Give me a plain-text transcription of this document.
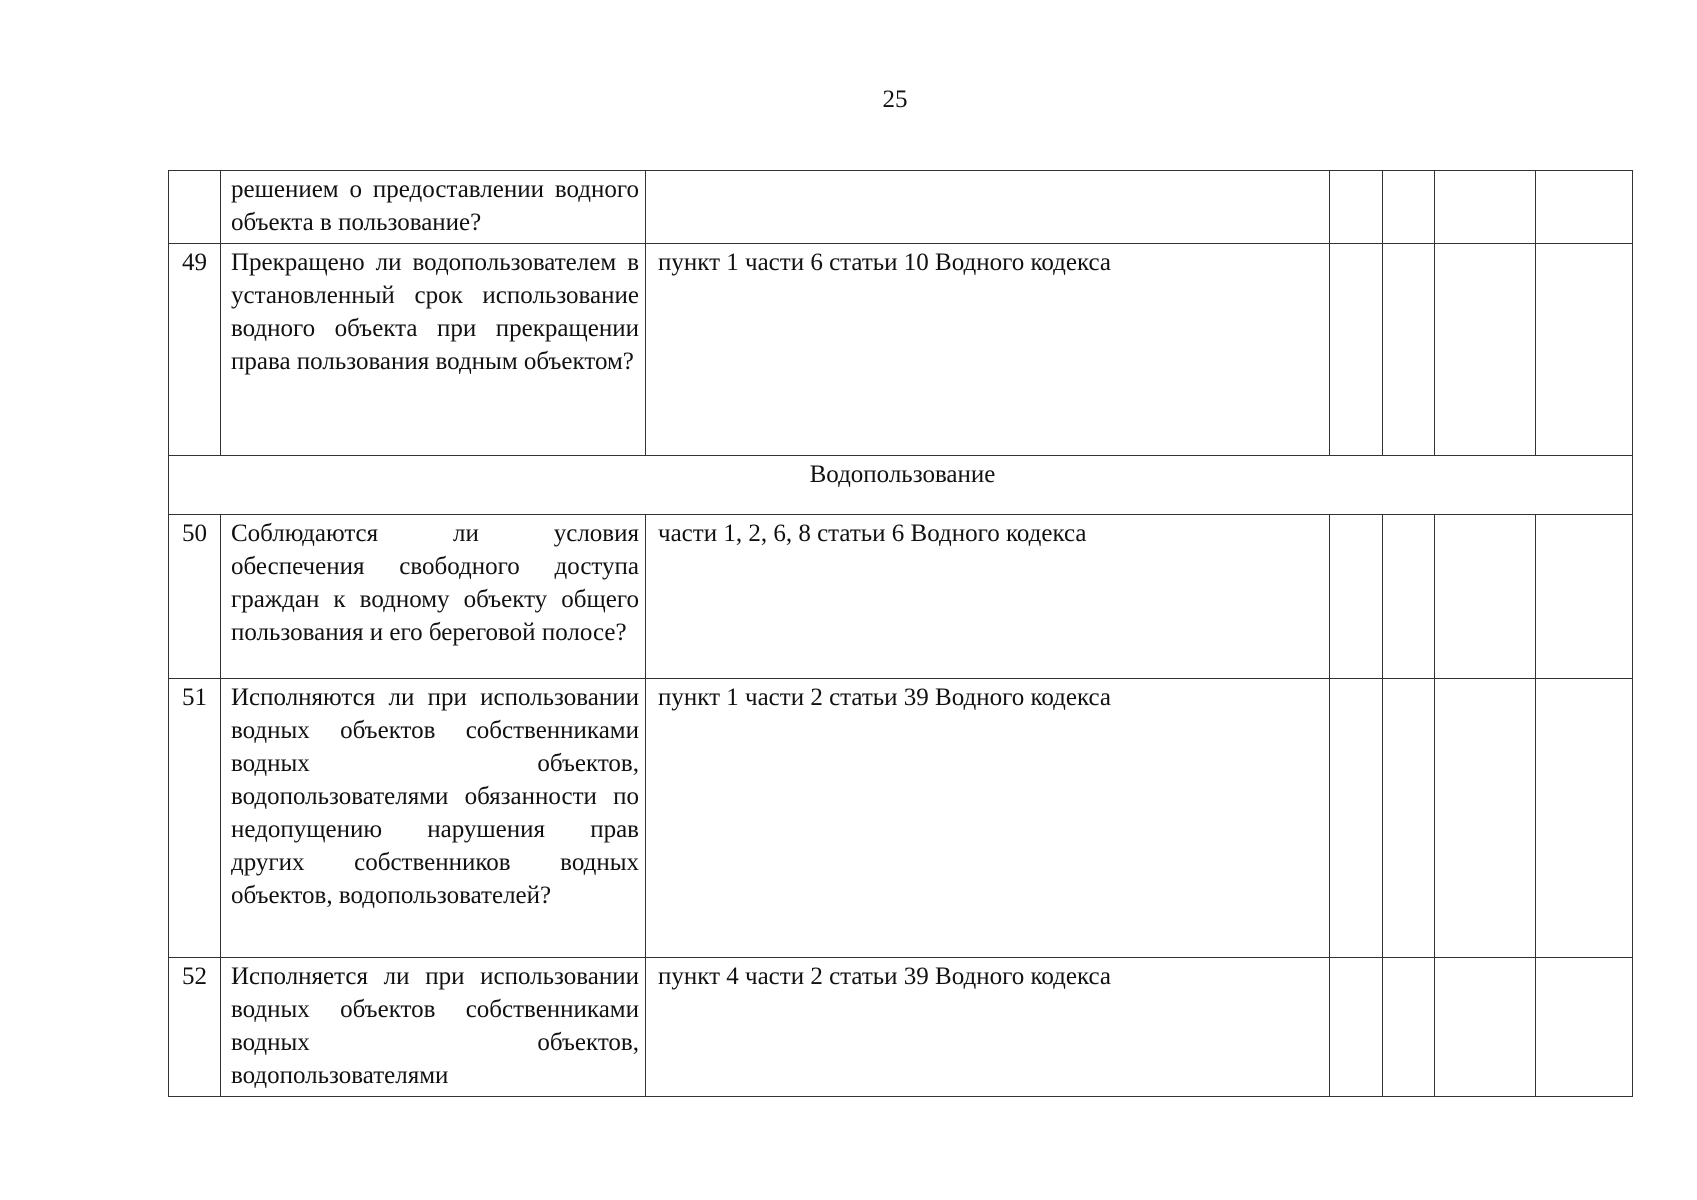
25
	решением о предоставлении водного объекта в пользование?					
49	Прекращено ли водопользователем в установленный срок использование водного объекта при прекращении права пользования водным объектом?	пункт 1 части 6 статьи 10 Водного кодекса				
Водопользование						
50	Соблюдаются ли условия обеспечения свободного доступа граждан к водному объекту общего пользования и его береговой полосе?	части 1, 2, 6, 8 статьи 6 Водного кодекса				
51	Исполняются ли при использовании водных объектов собственниками водных объектов, водопользователями обязанности по недопущению нарушения прав других собственников водных объектов, водопользователей?	пункт 1 части 2 статьи 39 Водного кодекса				
52	Исполняется ли при использовании водных объектов собственниками водных объектов, водопользователями	пункт 4 части 2 статьи 39 Водного кодекса				
